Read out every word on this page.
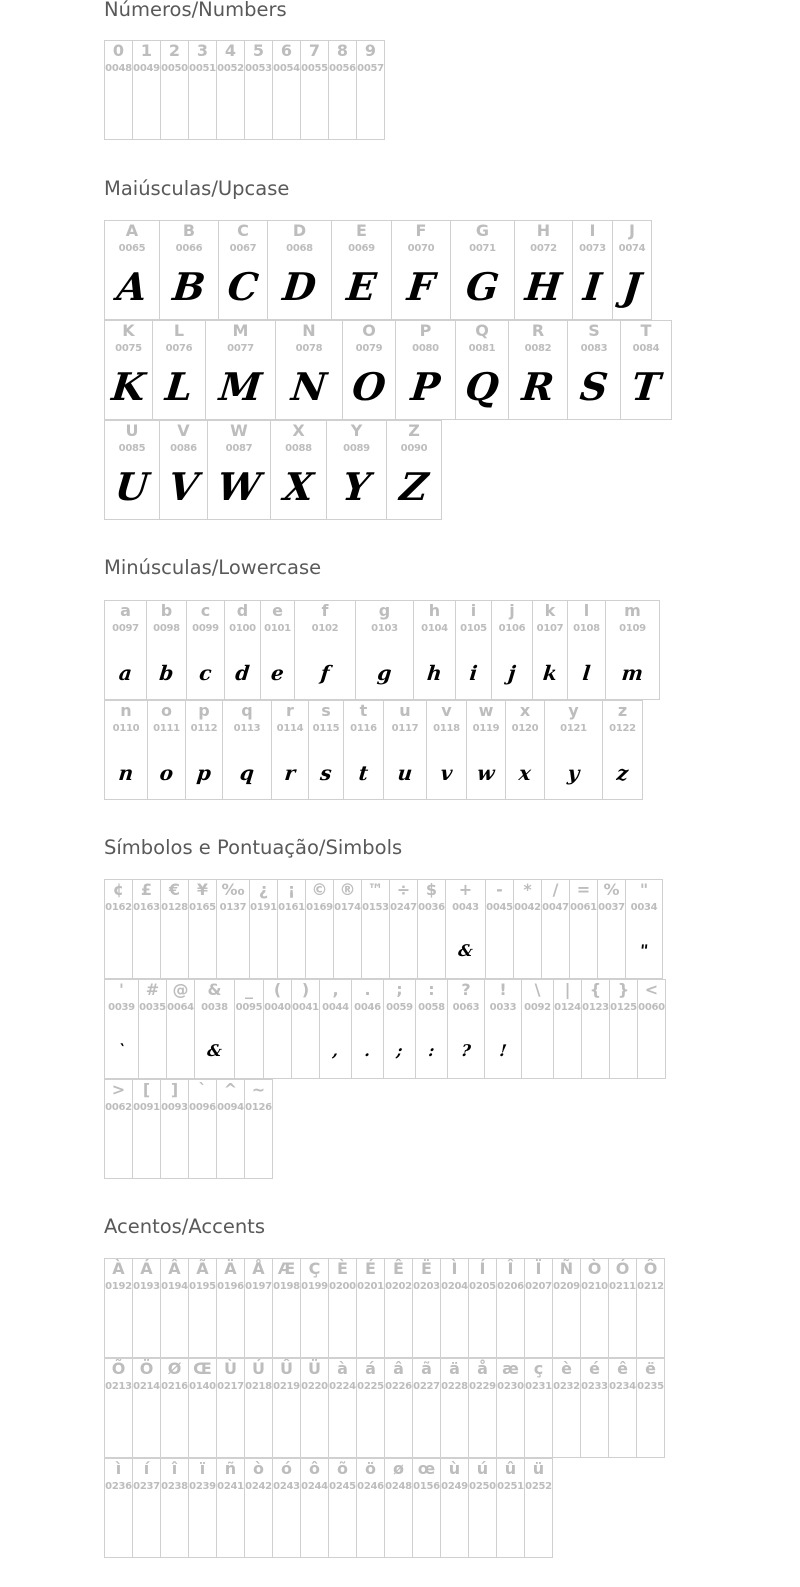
Números/Numbers
0
0048
1
0049
2
0050
3
0051
4
0052
5
0053
6
0054
7
0055
8
0056
9
0057
Maiúsculas/Upcase
A
0065
A
B
0066
B
C
0067
C
D
0068
D
E
0069
E
F
0070
F
G
0071
G
H
0072
H
I
0073
I
J
0074
J
K
0075
K
L
0076
L
M
0077
M
N
0078
N
O
0079
O
P
0080
P
Q
0081
Q
R
0082
R
S
0083
S
T
0084
T
U
0085
U
V
0086
V
W
0087
W
X
0088
X
Y
0089
Y
Z
0090
Z
Minúsculas/Lowercase
a
0097
a
b
0098
b
c
0099
c
d
0100
d
e
0101
e
f
0102
f
g
0103
g
h
0104
h
i
0105
i
j
0106
j
k
0107
k
l
0108
l
m
0109
m
n
0110
n
o
0111
o
p
0112
p
q
0113
q
r
0114
r
s
0115
s
t
0116
t
u
0117
u
v
0118
v
w
0119
w
x
0120
x
y
0121
y
z
0122
z
Símbolos e Pontuação/Simbols
¢
0162
£
0163
€
0128
¥
0165
‰
0137
¿
0191
¡
0161
©
0169
®
0174
™
0153
÷
0247
$
0036
+
0043
&
-
0045
*
0042
/
0047
=
0061
%
0037
"
0034
"
'
0039
`
#
0035
@
0064
&
0038
&
_
0095
(
0040
)
0041
,
0044
,
.
0046
.
;
0059
;
:
0058
:
?
0063
?
!
0033
!
\
0092
|
0124
{
0123
}
0125
<
0060
>
0062
[
0091
]
0093
`
0096
^
0094
~
0126
Acentos/Accents
À
0192
Á
0193
Â
0194
Ã
0195
Ä
0196
Å
0197
Æ
0198
Ç
0199
È
0200
É
0201
Ê
0202
Ë
0203
Ì
0204
Í
0205
Î
0206
Ï
0207
Ñ
0209
Ò
0210
Ó
0211
Ô
0212
Õ
0213
Ö
0214
Ø
0216
Œ
0140
Ù
0217
Ú
0218
Û
0219
Ü
0220
à
0224
á
0225
â
0226
ã
0227
ä
0228
å
0229
æ
0230
ç
0231
è
0232
é
0233
ê
0234
ë
0235
ì
0236
í
0237
î
0238
ï
0239
ñ
0241
ò
0242
ó
0243
ô
0244
õ
0245
ö
0246
ø
0248
œ
0156
ù
0249
ú
0250
û
0251
ü
0252
